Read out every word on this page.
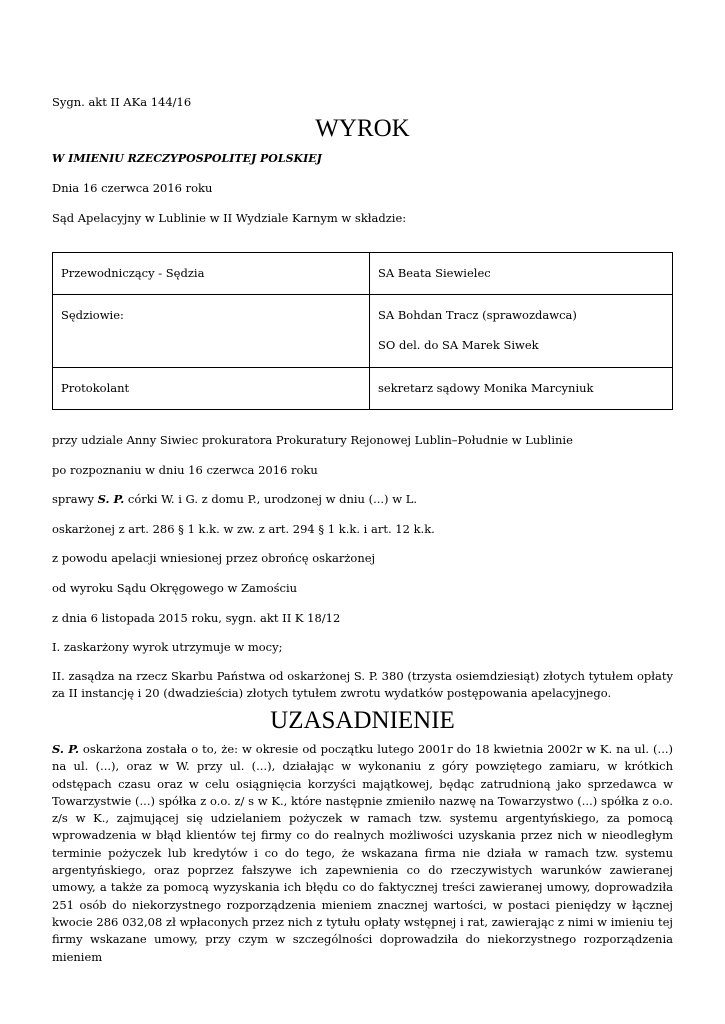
Sygn. akt II AKa 144/16
WYROK
W IMIENIU RZECZYPOSPOLITEJ POLSKIEJ
Dnia 16 czerwca 2016 roku
Sąd Apelacyjny w Lublinie w II Wydziale Karnym w składzie:
Przewodniczący - Sędzia	SA Beata Siewielec

Sędziowie:	SA Bohdan Tracz (sprawozdawca)
SO del. do SA Marek Siwek

Protokolant	sekretarz sądowy Monika Marcyniuk
przy udziale Anny Siwiec prokuratora Prokuratury Rejonowej Lublin–Południe w Lublinie
po rozpoznaniu w dniu 16 czerwca 2016 roku
sprawy S. P. córki W. i G. z domu P., urodzonej w dniu (...) w L.
oskarżonej z art. 286 § 1 k.k. w zw. z art. 294 § 1 k.k. i art. 12 k.k.
z powodu apelacji wniesionej przez obrońcę oskarżonej
od wyroku Sądu Okręgowego w Zamościu
z dnia 6 listopada 2015 roku, sygn. akt II K 18/12
I. zaskarżony wyrok utrzymuje w mocy;
II. zasądza na rzecz Skarbu Państwa od oskarżonej S. P. 380 (trzysta osiemdziesiąt) złotych tytułem opłaty za II instancję i 20 (dwadzieścia) złotych tytułem zwrotu wydatków postępowania apelacyjnego.
UZASADNIENIE
S. P. oskarżona została o to, że: w okresie od początku lutego 2001r do 18 kwietnia 2002r w K. na ul. (...) na ul. (...), oraz w W. przy ul. (...), działając w wykonaniu z góry powziętego zamiaru, w krótkich odstępach czasu oraz w celu osiągnięcia korzyści majątkowej, będąc zatrudnioną jako sprzedawca w Towarzystwie (...) spółka z o.o. z/ s w K., które następnie zmieniło nazwę na Towarzystwo (...) spółka z o.o. z/s w K., zajmującej się udzielaniem pożyczek w ramach tzw. systemu argentyńskiego, za pomocą wprowadzenia w błąd klientów tej firmy co do realnych możliwości uzyskania przez nich w nieodległym terminie pożyczek lub kredytów i co do tego, że wskazana firma nie działa w ramach tzw. systemu argentyńskiego, oraz poprzez fałszywe ich zapewnienia co do rzeczywistych warunków zawieranej umowy, a także za pomocą wyzyskania ich błędu co do faktycznej treści zawieranej umowy, doprowadziła 251 osób do niekorzystnego rozporządzenia mieniem znacznej wartości, w postaci pieniędzy w łącznej kwocie 286 032,08 zł wpłaconych przez nich z tytułu opłaty wstępnej i rat, zawierając z nimi w imieniu tej firmy wskazane umowy, przy czym w szczególności doprowadziła do niekorzystnego rozporządzenia mieniem
